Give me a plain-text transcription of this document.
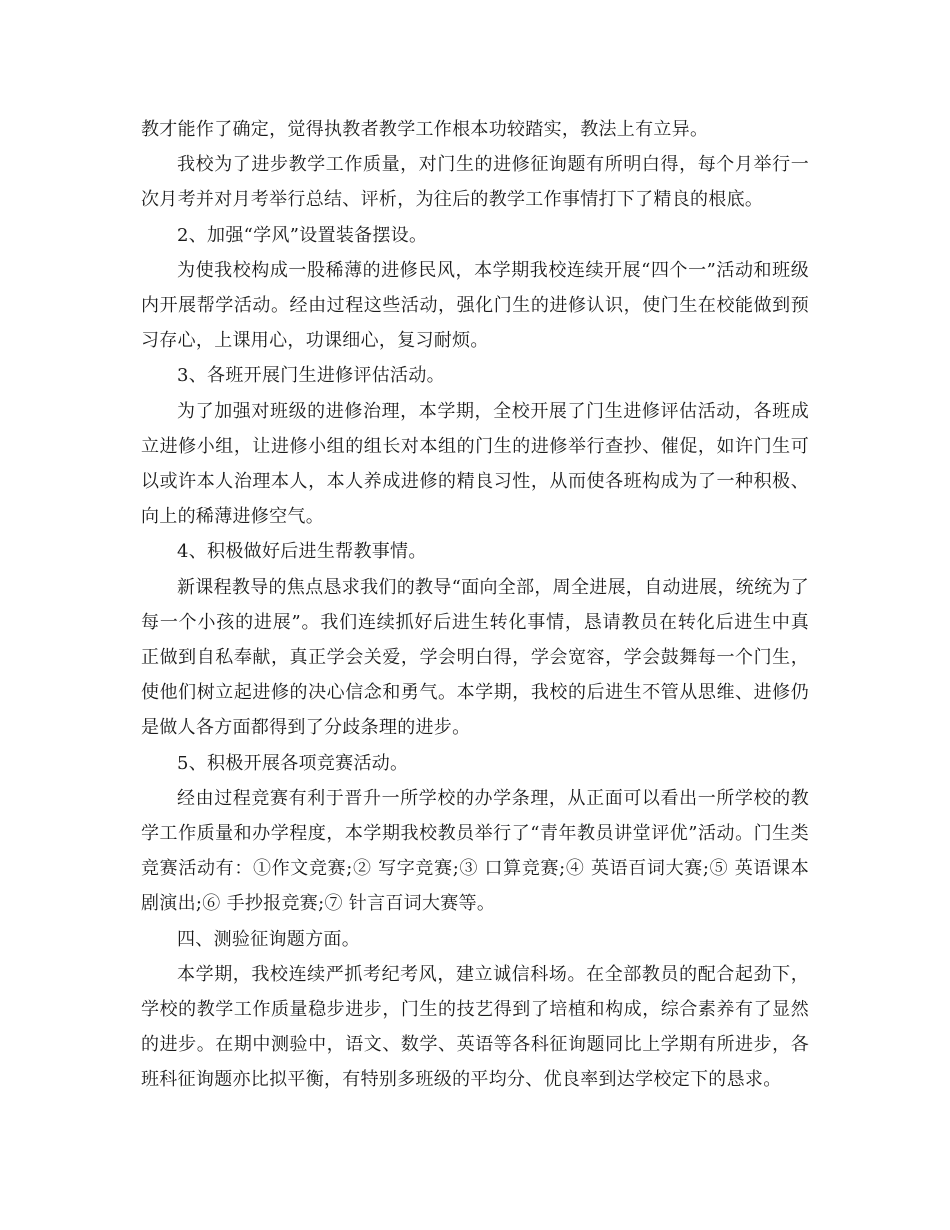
教才能作了确定，觉得执教者教学工作根本功较踏实，教法上有立异。

我校为了进步教学工作质量，对门生的进修征询题有所明白得，每个月举行一次月考并对月考举行总结、评析，为往后的教学工作事情打下了精良的根底。

2、加强“学风”设置装备摆设。

为使我校构成一股稀薄的进修民风，本学期我校连续开展“四个一”活动和班级内开展帮学活动。经由过程这些活动，强化门生的进修认识，使门生在校能做到预习存心，上课用心，功课细心，复习耐烦。

3、各班开展门生进修评估活动。

为了加强对班级的进修治理，本学期，全校开展了门生进修评估活动，各班成立进修小组，让进修小组的组长对本组的门生的进修举行查抄、催促，如许门生可以或许本人治理本人，本人养成进修的精良习性，从而使各班构成为了一种积极、向上的稀薄进修空气。

4、积极做好后进生帮教事情。

新课程教导的焦点恳求我们的教导“面向全部，周全进展，自动进展，统统为了每一个小孩的进展”。我们连续抓好后进生转化事情，恳请教员在转化后进生中真正做到自私奉献，真正学会关爱，学会明白得，学会宽容，学会鼓舞每一个门生，使他们树立起进修的决心信念和勇气。本学期，我校的后进生不管从思维、进修仍是做人各方面都得到了分歧条理的进步。

5、积极开展各项竞赛活动。

经由过程竞赛有利于晋升一所学校的办学条理，从正面可以看出一所学校的教学工作质量和办学程度，本学期我校教员举行了“青年教员讲堂评优”活动。门生类竞赛活动有：①作文竞赛;② 写字竞赛;③ 口算竞赛;④ 英语百词大赛;⑤ 英语课本剧演出;⑥ 手抄报竞赛;⑦ 针言百词大赛等。

四、测验征询题方面。

本学期，我校连续严抓考纪考风，建立诚信科场。在全部教员的配合起劲下，学校的教学工作质量稳步进步，门生的技艺得到了培植和构成，综合素养有了显然的进步。在期中测验中，语文、数学、英语等各科征询题同比上学期有所进步，各班科征询题亦比拟平衡，有特别多班级的平均分、优良率到达学校定下的恳求。
